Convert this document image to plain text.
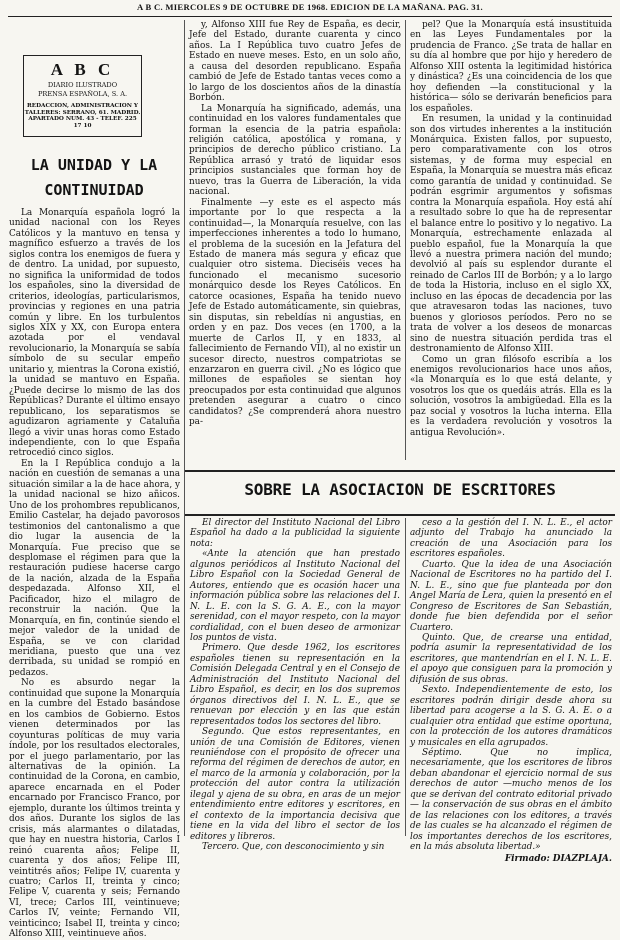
A B C. MIERCOLES 9 DE OCTUBRE DE 1968. EDICION DE LA MAÑANA. PAG. 31.
A B C
DIARIO ILUSTRADO
PRENSA ESPAÑOLA, S. A.
REDACCION, ADMINISTRACION Y TALLERES: SERRANO, 61. MADRID. APARTADO NUM. 43 - TELEF. 225 17 10
LA UNIDAD Y LA CONTINUIDAD

La Monarquía española logró la unidad nacional con los Reyes Católicos y la mantuvo en tensa y magnífico esfuerzo a través de los siglos contra los enemigos de fuera y de dentro. La unidad, por supuesto, no significa la uniformidad de todos los españoles, sino la diversidad de criterios, ideologías, particularismos, provincias y regiones en una patria común y libre. En los turbulentos siglos XIX y XX, con Europa entera azotada por el vendaval revolucionario, la Monarquía se sabía símbolo de su secular empeño unitario y, mientras la Corona existió, la unidad se mantuvo en España. ¿Puede decirse lo mismo de las dos Repúblicas? Durante el último ensayo republicano, los separatismos se agudizaron agriamente y Cataluña llegó a vivir unas horas como Estado independiente, con lo que España retrocedió cinco siglos.

En la I República condujo a la nación en cuestión de semanas a una situación similar a la de hace ahora, y la unidad nacional se hizo añicos. Uno de los prohombres republicanos, Emilio Castelar, ha dejado pavorosos testimonios del cantonalismo a que dio lugar la ausencia de la Monarquía. Fue preciso que se desplomase el régimen para que la restauración pudiese hacerse cargo de la nación, alzada de la España despedazada. Alfonso XII, el Pacificador, hizo el milagro de reconstruir la nación. Que la Monarquía, en fin, continúe siendo el mejor valedor de la unidad de España, se ve con claridad meridiana, puesto que una vez derribada, su unidad se rompió en pedazos.

No es absurdo negar la continuidad que supone la Monarquía en la cumbre del Estado basándose en los cambios de Gobierno. Estos vienen determinados por las coyunturas políticas de muy varia índole, por los resultados electorales, por el juego parlamentario, por las alternativas de la opinión. La continuidad de la Corona, en cambio, aparece encarnada en el Poder encarnado por Francisco Franco, por ejemplo, durante los últimos treinta y dos años. Durante los siglos de las crisis, más alarmantes o dilatadas, que hay en nuestra historia, Carlos I reinó cuarenta años; Felipe II, cuarenta y dos años; Felipe III, veintitrés años; Felipe IV, cuarenta y cuatro; Carlos II, treinta y cinco; Felipe V, cuarenta y seis; Fernando VI, trece; Carlos III, veintinueve; Carlos IV, veinte; Fernando VII, veinticinco; Isabel II, treinta y cinco; Alfonso XIII, veintinueve años.

y, Alfonso XIII fue Rey de España, es decir, Jefe del Estado, durante cuarenta y cinco años. La I República tuvo cuatro Jefes de Estado en nueve meses. Esto, en un solo año, a causa del desorden republicano. España cambió de Jefe de Estado tantas veces como a lo largo de los doscientos años de la dinastía Borbón.

La Monarquía ha significado, además, una continuidad en los valores fundamentales que forman la esencia de la patria española: religión católica, apostólica y romana, y principios de derecho público cristiano. La República arrasó y trató de liquidar esos principios sustanciales que forman hoy de nuevo, tras la Guerra de Liberación, la vida nacional.

Finalmente —y este es el aspecto más importante por lo que respecta a la continuidad—, la Monarquía resuelve, con las imperfecciones inherentes a todo lo humano, el problema de la sucesión en la Jefatura del Estado de manera más segura y eficaz que cualquier otro sistema. Dieciséis veces ha funcionado el mecanismo sucesorio monárquico desde los Reyes Católicos. En catorce ocasiones, España ha tenido nuevo Jefe de Estado automáticamente, sin quiebras, sin disputas, sin rebeldías ni angustias, en orden y en paz. Dos veces (en 1700, a la muerte de Carlos II, y en 1833, al fallecimiento de Fernando VII), al no existir un sucesor directo, nuestros compatriotas se enzarzaron en guerra civil. ¿No es lógico que millones de españoles se sientan hoy preocupados por esta continuidad que algunos pretenden asegurar a cuatro o cinco candidatos? ¿Se comprenderá ahora nuestro pa-

pel? Que la Monarquía está insustituida en las Leyes Fundamentales por la prudencia de Franco. ¿Se trata de hallar en su día al hombre que por hijo y heredero de Alfonso XIII ostenta la legitimidad histórica y dinástica? ¿Es una coincidencia de los que hoy defienden —la constitucional y la histórica— sólo se derivarán beneficios para los españoles.

En resumen, la unidad y la continuidad son dos virtudes inherentes a la institución Monárquica. Existen fallos, por supuesto, pero comparativamente con los otros sistemas, y de forma muy especial en España, la Monarquía se muestra más eficaz como garantía de unidad y continuidad. Se podrán esgrimir argumentos y sofismas contra la Monarquía española. Hoy está ahí a resultado sobre lo que ha de representar el balance entre lo positivo y lo negativo. La Monarquía, estrechamente enlazada al pueblo español, fue la Monarquía la que llevó a nuestra primera nación del mundo; devolvió al país su esplendor durante el reinado de Carlos III de Borbón; y a lo largo de toda la Historia, incluso en el siglo XX, incluso en las épocas de decadencia por las que atravesaron todas las naciones, tuvo buenos y gloriosos períodos. Pero no se trata de volver a los deseos de monarcas sino de nuestra situación perdida tras el destronamiento de Alfonso XIII.

Como un gran filósofo escribía a los enemigos revolucionarios hace unos años, «la Monarquía es lo que está delante, y vosotros los que os quedáis atrás. Ella es la solución, vosotros la ambigüedad. Ella es la paz social y vosotros la lucha interna. Ella es la verdadera revolución y vosotros la antigua Revolución».

SOBRE LA ASOCIACION DE ESCRITORES

El director del Instituto Nacional del Libro Español ha dado a la publicidad la siguiente nota:

«Ante la atención que han prestado algunos periódicos al Instituto Nacional del Libro Español con la Sociedad General de Autores, entiendo que es ocasión hacer una información pública sobre las relaciones del I. N. L. E. con la S. G. A. E., con la mayor serenidad, con el mayor respeto, con la mayor cordialidad, con el buen deseo de armonizar los puntos de vista.

Primero. Que desde 1962, los escritores españoles tienen su representación en la Comisión Delegada Central y en el Consejo de Administración del Instituto Nacional del Libro Español, es decir, en los dos supremos órganos directivos del I. N. L. E., que se renuevan por elección y en las que están representados todos los sectores del libro.

Segundo. Que estos representantes, en unión de una Comisión de Editores, vienen reuniéndose con el propósito de ofrecer una reforma del régimen de derechos de autor, en el marco de la armonía y colaboración, por la protección del autor contra la utilización ilegal y ajena de su obra, en aras de un mejor entendimiento entre editores y escritores, en el contexto de la importancia decisiva que tiene en la vida del libro el sector de los editores y libreros.

Tercero. Que, con desconocimiento y sin

ceso a la gestión del I. N. L. E., el actor adjunto del Trabajo ha anunciado la creación de una Asociación para los escritores españoles.

Cuarto. Que la idea de una Asociación Nacional de Escritores no ha partido del I. N. L. E., sino que fue planteada por don Angel María de Lera, quien la presentó en el Congreso de Escritores de San Sebastián, donde fue bien defendida por el señor Cuartero.

Quinto. Que, de crearse una entidad, podría asumir la representatividad de los escritores, que mantendrían en el I. N. L. E. el apoyo que consiguen para la promoción y difusión de sus obras.

Sexto. Independientemente de esto, los escritores podrán dirigir desde ahora su libertad para acogerse a la S. G. A. E. o a cualquier otra entidad que estime oportuna, con la protección de los autores dramáticos y musicales en ella agrupados.

Séptimo. Que no implica, necesariamente, que los escritores de libros deban abandonar el ejercicio normal de sus derechos de autor —mucho menos de los que se derivan del contrato editorial privado— la conservación de sus obras en el ámbito de las relaciones con los editores, a través de las cuales se ha alcanzado el régimen de los importantes derechos de los escritores, en la más absoluta libertad.»

Firmado: DIAZPLAJA.
